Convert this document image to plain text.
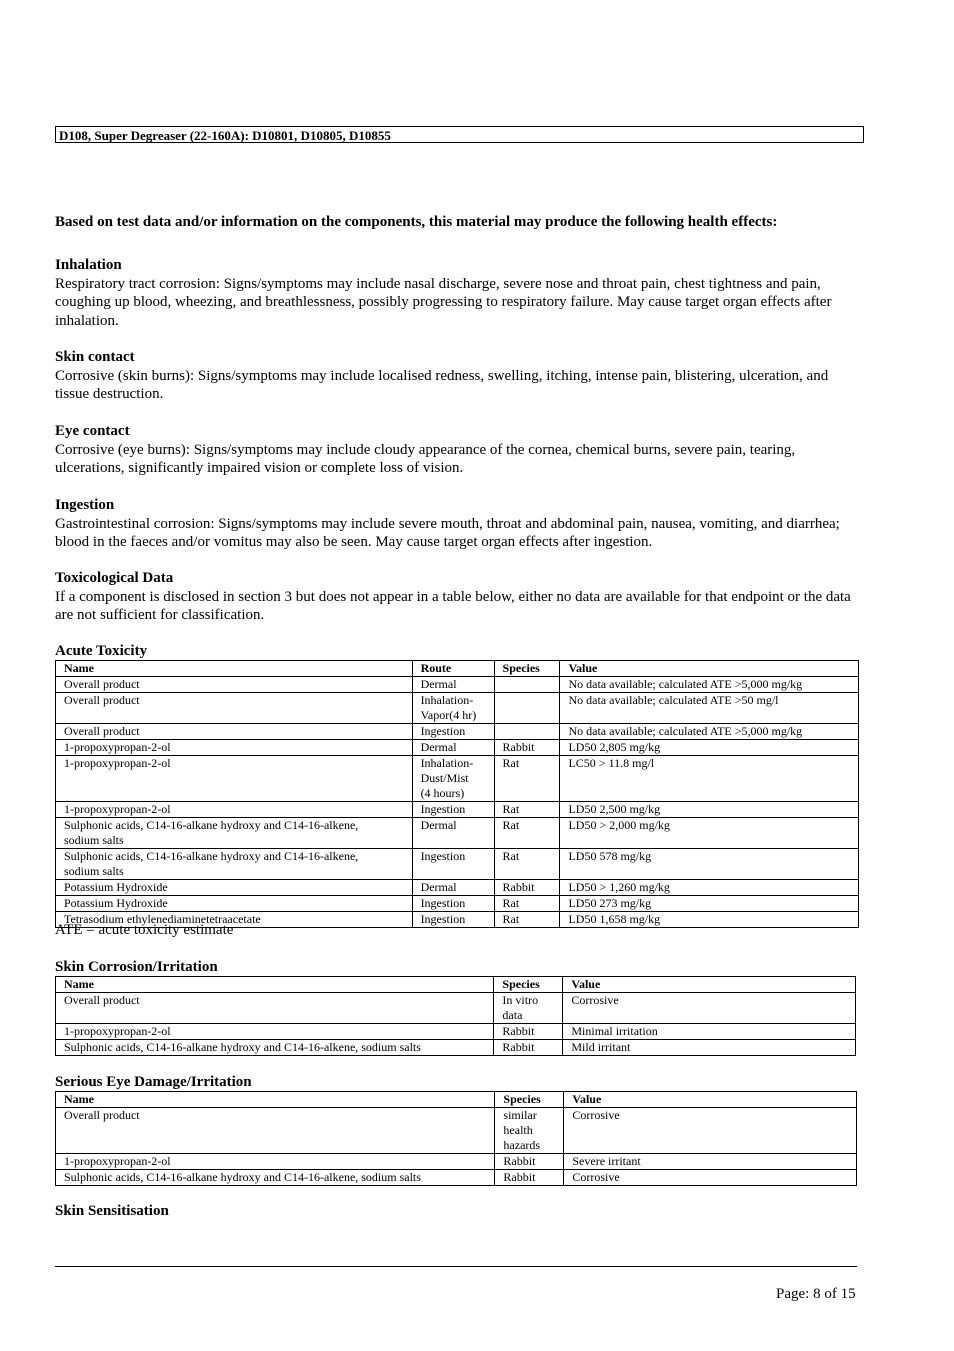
D108, Super Degreaser (22-160A): D10801, D10805, D10855
Based on test data and/or information on the components, this material may produce the following health effects:
Inhalation

Respiratory tract corrosion: Signs/symptoms may include nasal discharge, severe nose and throat pain, chest tightness and pain, coughing up blood, wheezing, and breathlessness, possibly progressing to respiratory failure. May cause target organ effects after inhalation.

Skin contact

Corrosive (skin burns): Signs/symptoms may include localised redness, swelling, itching, intense pain, blistering, ulceration, and tissue destruction.

Eye contact

Corrosive (eye burns): Signs/symptoms may include cloudy appearance of the cornea, chemical burns, severe pain, tearing, ulcerations, significantly impaired vision or complete loss of vision.

Ingestion

Gastrointestinal corrosion: Signs/symptoms may include severe mouth, throat and abdominal pain, nausea, vomiting, and diarrhea; blood in the faeces and/or vomitus may also be seen. May cause target organ effects after ingestion.

Toxicological Data

If a component is disclosed in section 3 but does not appear in a table below, either no data are available for that endpoint or the data are not sufficient for classification.

Acute Toxicity
Name	Route	Species	Value
Overall product	Dermal		No data available; calculated ATE >5,000 mg/kg
Overall product	Inhalation-
Vapor(4 hr)		No data available; calculated ATE >50 mg/l
Overall product	Ingestion		No data available; calculated ATE >5,000 mg/kg
1-propoxypropan-2-ol	Dermal	Rabbit	LD50 2,805 mg/kg
1-propoxypropan-2-ol	Inhalation-
Dust/Mist
(4 hours)	Rat	LC50 > 11.8 mg/l
1-propoxypropan-2-ol	Ingestion	Rat	LD50 2,500 mg/kg
Sulphonic acids, C14-16-alkane hydroxy and C14-16-alkene,
sodium salts	Dermal	Rat	LD50 > 2,000 mg/kg
Sulphonic acids, C14-16-alkane hydroxy and C14-16-alkene,
sodium salts	Ingestion	Rat	LD50 578 mg/kg
Potassium Hydroxide	Dermal	Rabbit	LD50 > 1,260 mg/kg
Potassium Hydroxide	Ingestion	Rat	LD50 273 mg/kg
Tetrasodium ethylenediaminetetraacetate	Ingestion	Rat	LD50 1,658 mg/kg
ATE = acute toxicity estimate
Skin Corrosion/Irritation
Name	Species	Value
Overall product	In vitro
data	Corrosive
1-propoxypropan-2-ol	Rabbit	Minimal irritation
Sulphonic acids, C14-16-alkane hydroxy and C14-16-alkene, sodium salts	Rabbit	Mild irritant
Serious Eye Damage/Irritation
Name	Species	Value
Overall product	similar
health
hazards	Corrosive
1-propoxypropan-2-ol	Rabbit	Severe irritant
Sulphonic acids, C14-16-alkane hydroxy and C14-16-alkene, sodium salts	Rabbit	Corrosive
Skin Sensitisation
Page: 8 of 15
